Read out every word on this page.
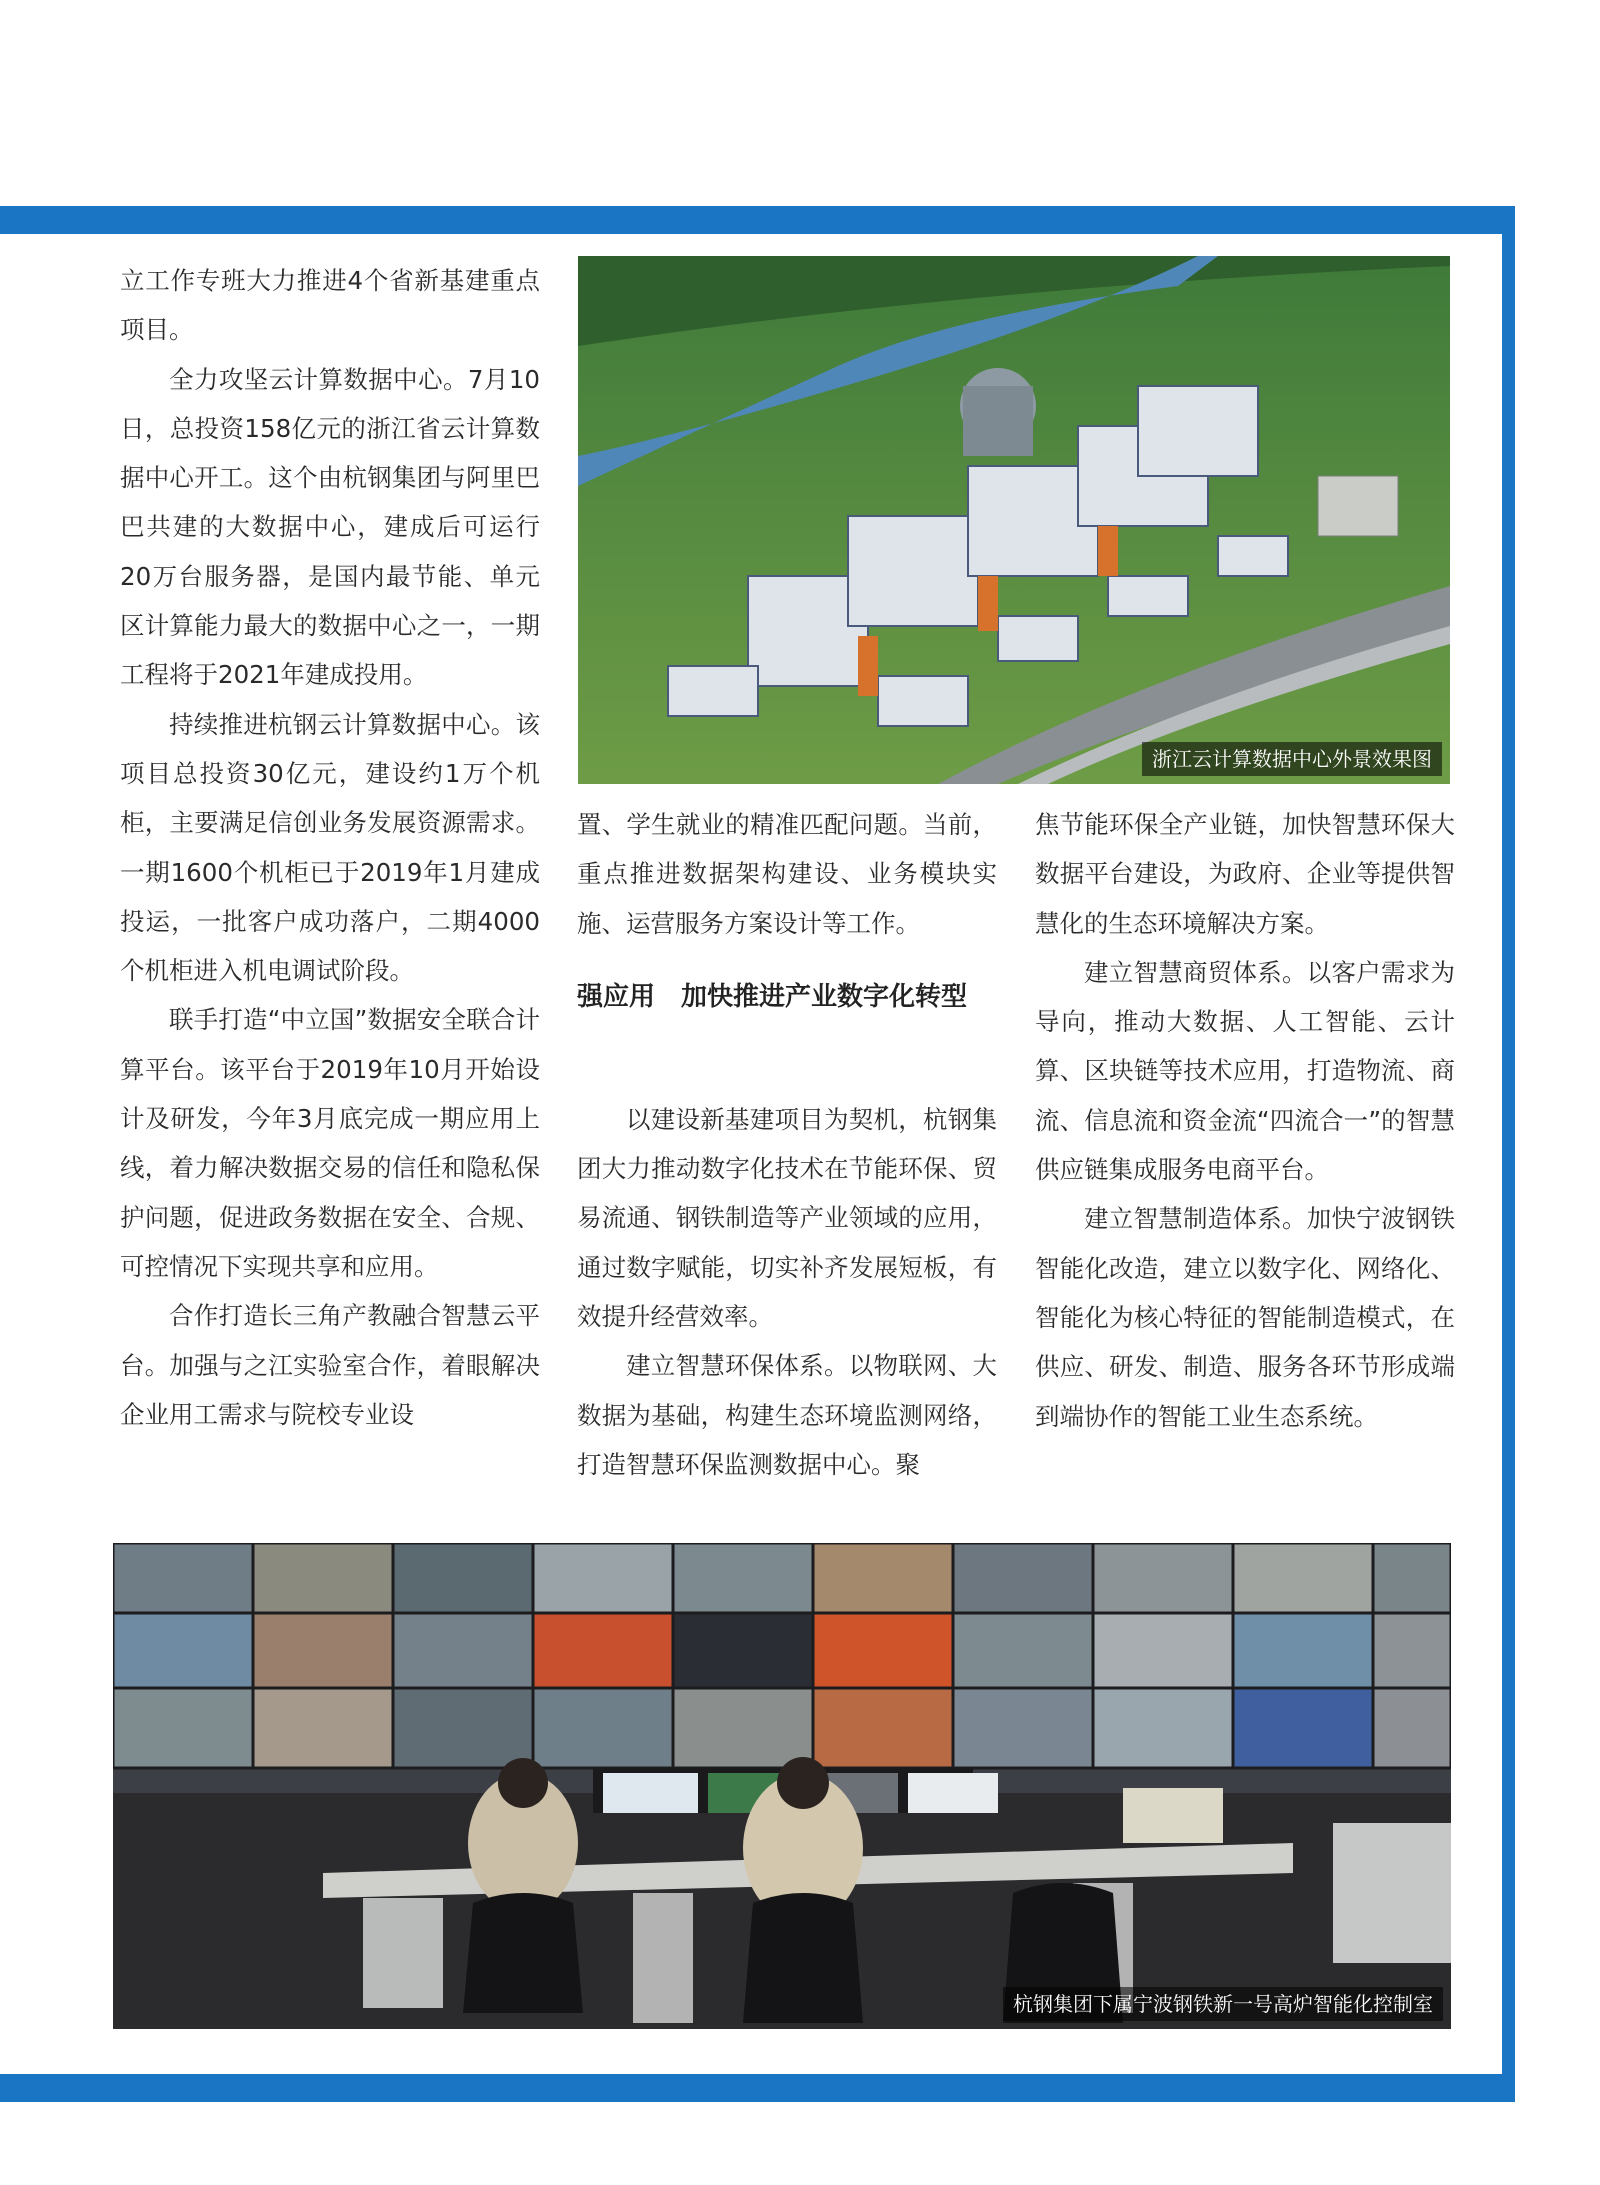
立工作专班大力推进4个省新基建重点项目。

全力攻坚云计算数据中心。7月10日，总投资158亿元的浙江省云计算数据中心开工。这个由杭钢集团与阿里巴巴共建的大数据中心，建成后可运行20万台服务器，是国内最节能、单元区计算能力最大的数据中心之一，一期工程将于2021年建成投用。

持续推进杭钢云计算数据中心。该项目总投资30亿元，建设约1万个机柜，主要满足信创业务发展资源需求。一期1600个机柜已于2019年1月建成投运，一批客户成功落户，二期4000个机柜进入机电调试阶段。

联手打造“中立国”数据安全联合计算平台。该平台于2019年10月开始设计及研发，今年3月底完成一期应用上线，着力解决数据交易的信任和隐私保护问题，促进政务数据在安全、合规、可控情况下实现共享和应用。

合作打造长三角产教融合智慧云平台。加强与之江实验室合作，着眼解决企业用工需求与院校专业设

浙江云计算数据中心外景效果图

置、学生就业的精准匹配问题。当前，重点推进数据架构建设、业务模块实施、运营服务方案设计等工作。

强应用　加快推进产业数字化转型

以建设新基建项目为契机，杭钢集团大力推动数字化技术在节能环保、贸易流通、钢铁制造等产业领域的应用，通过数字赋能，切实补齐发展短板，有效提升经营效率。

建立智慧环保体系。以物联网、大数据为基础，构建生态环境监测网络，打造智慧环保监测数据中心。聚

焦节能环保全产业链，加快智慧环保大数据平台建设，为政府、企业等提供智慧化的生态环境解决方案。

建立智慧商贸体系。以客户需求为导向，推动大数据、人工智能、云计算、区块链等技术应用，打造物流、商流、信息流和资金流“四流合一”的智慧供应链集成服务电商平台。

建立智慧制造体系。加快宁波钢铁智能化改造，建立以数字化、网络化、智能化为核心特征的智能制造模式，在供应、研发、制造、服务各环节形成端到端协作的智能工业生态系统。

杭钢集团下属宁波钢铁新一号高炉智能化控制室
